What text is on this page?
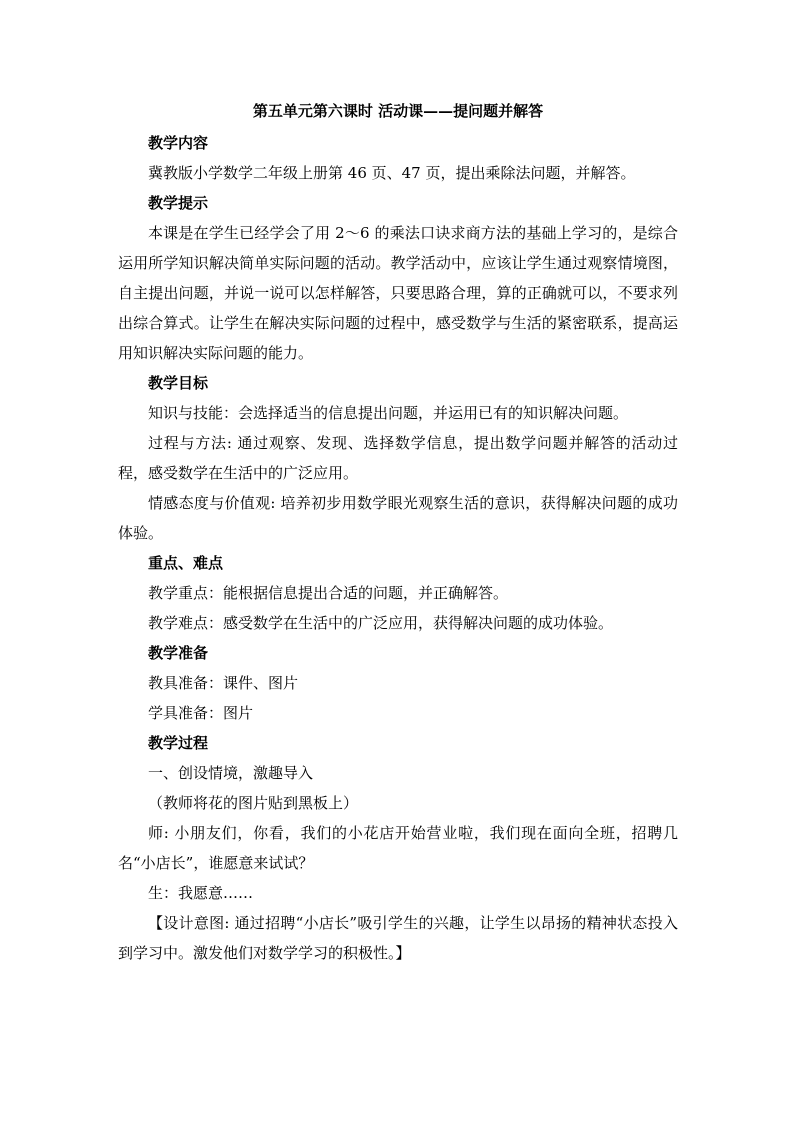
第五单元第六课时 活动课——提问题并解答

教学内容

冀教版小学数学二年级上册第 46 页、47 页，提出乘除法问题，并解答。

教学提示

本课是在学生已经学会了用 2～6 的乘法口诀求商方法的基础上学习的，是综合运用所学知识解决简单实际问题的活动。教学活动中，应该让学生通过观察情境图，自主提出问题，并说一说可以怎样解答，只要思路合理，算的正确就可以，不要求列出综合算式。让学生在解决实际问题的过程中，感受数学与生活的紧密联系，提高运用知识解决实际问题的能力。

教学目标

知识与技能：会选择适当的信息提出问题，并运用已有的知识解决问题。

过程与方法: 通过观察、发现、选择数学信息，提出数学问题并解答的活动过程，感受数学在生活中的广泛应用。

情感态度与价值观: 培养初步用数学眼光观察生活的意识，获得解决问题的成功体验。

重点、难点

教学重点：能根据信息提出合适的问题，并正确解答。

教学难点：感受数学在生活中的广泛应用，获得解决问题的成功体验。

教学准备

教具准备：课件、图片

学具准备：图片

教学过程

一、创设情境，激趣导入

（教师将花的图片贴到黑板上）

师: 小朋友们，你看，我们的小花店开始营业啦，我们现在面向全班，招聘几名“小店长”，谁愿意来试试？

生：我愿意……

【设计意图: 通过招聘“小店长”吸引学生的兴趣，让学生以昂扬的精神状态投入到学习中。激发他们对数学学习的积极性。】
